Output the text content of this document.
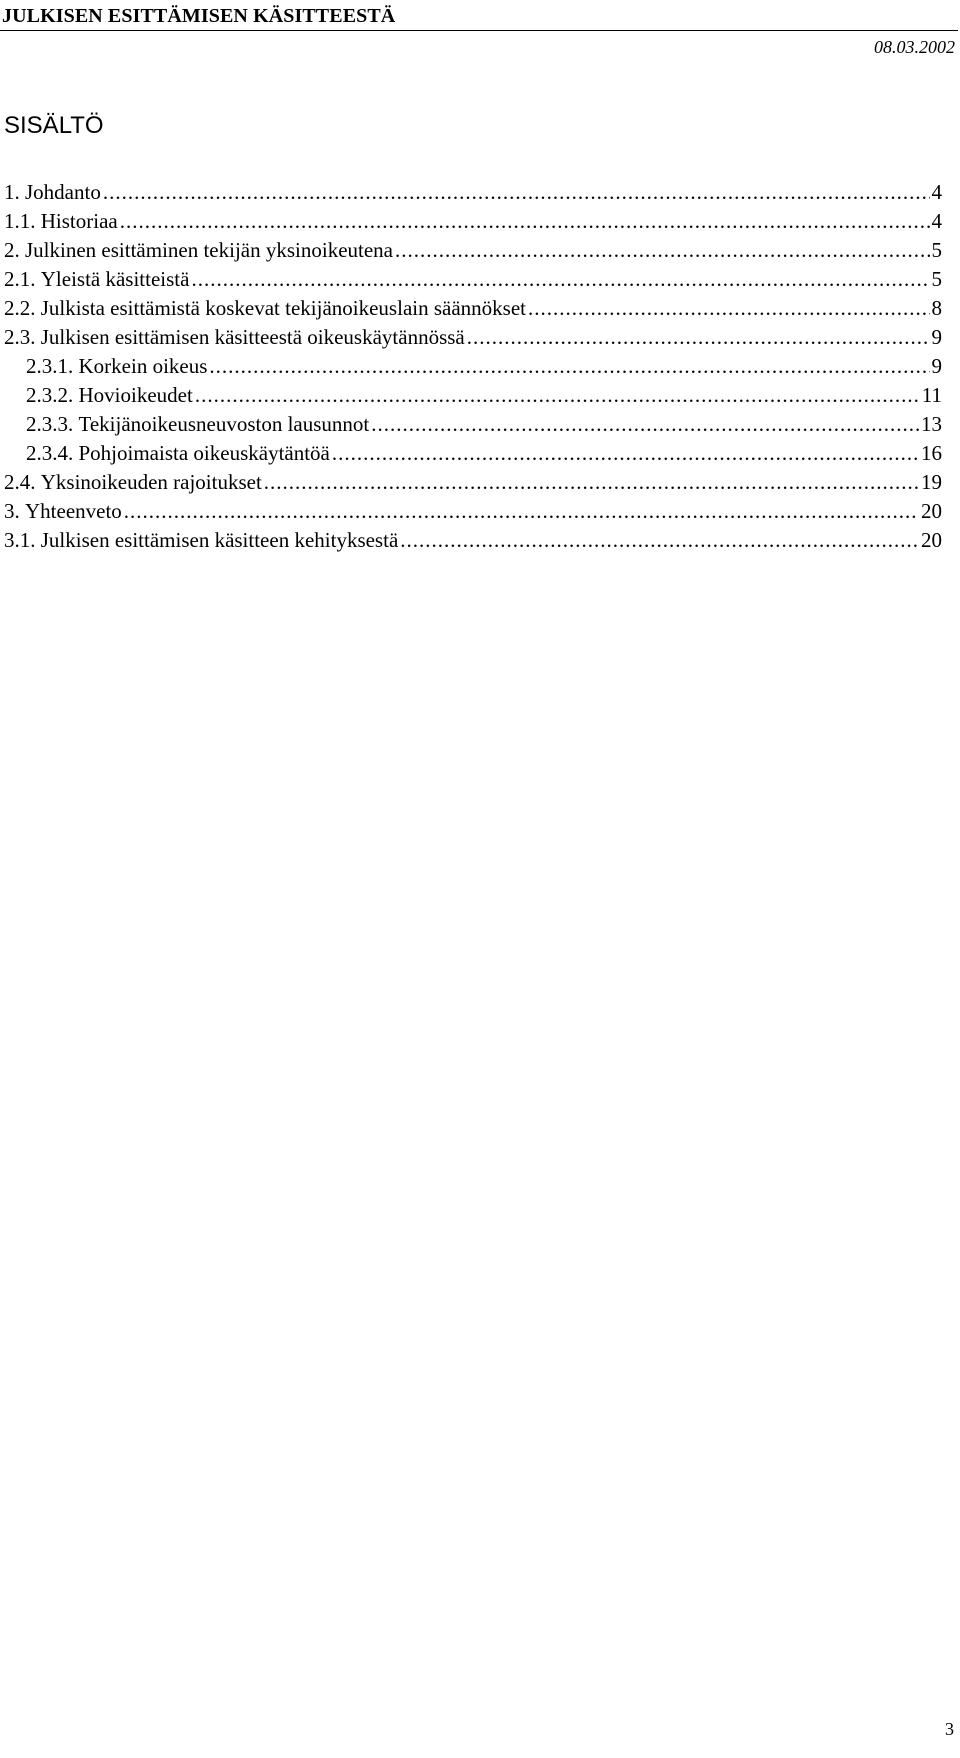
JULKISEN ESITTÄMISEN KÄSITTEESTÄ
08.03.2002
SISÄLTÖ
1.
Johdanto .....	4
1.1.
Historiaa .....	4
2.
Julkinen esittäminen tekijän yksinoikeutena .....	5
2.1.
Yleistä käsitteistä .....	5
2.2.
Julkista esittämistä koskevat tekijänoikeuslain säännökset .....	8
2.3.
Julkisen esittämisen käsitteestä oikeuskäytännössä .....	9
2.3.1.
Korkein oikeus .....	9
2.3.2.
Hovioikeudet .....	11
2.3.3.
Tekijänoikeusneuvoston lausunnot .....	13
2.3.4.
Pohjoimaista oikeuskäytäntöä .....	16
2.4.
Yksinoikeuden rajoitukset .....	19
3.
Yhteenveto .....	20
3.1.
Julkisen esittämisen käsitteen kehityksestä .....	20
3
